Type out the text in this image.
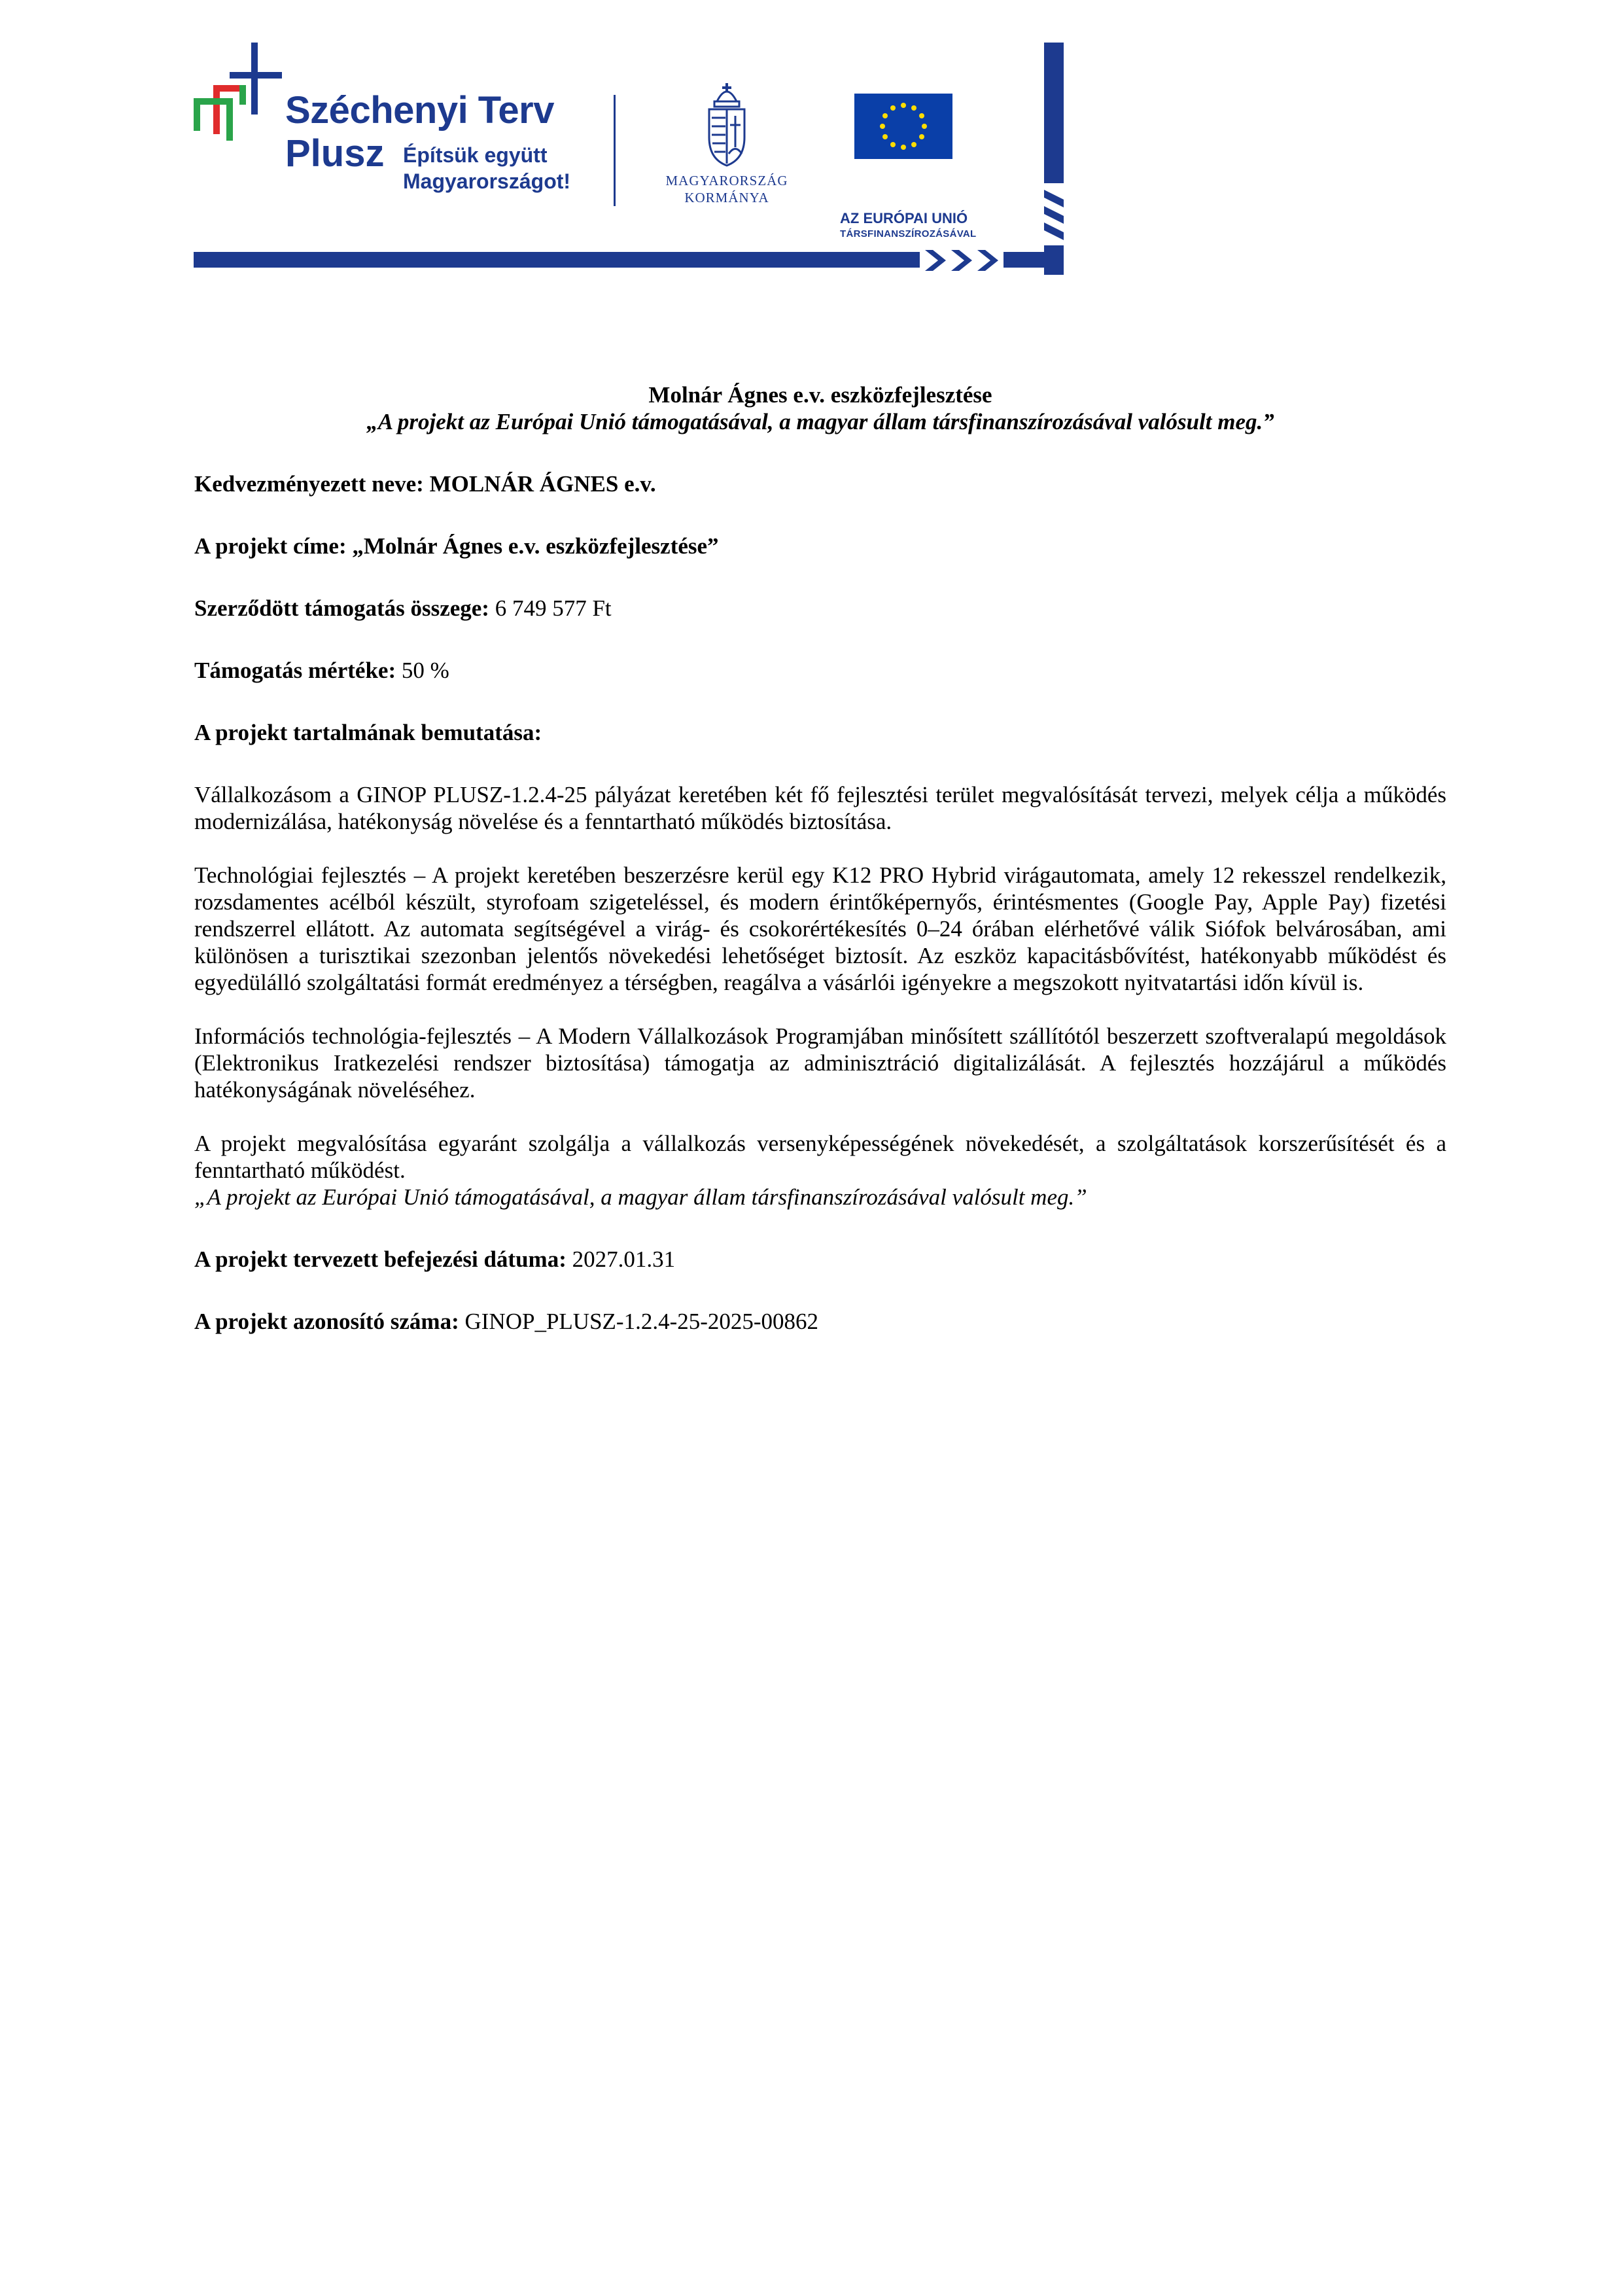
Széchenyi Terv
Plusz Építsük együtt
Magyarországot!	MAGYARORSZÁG
KORMÁNYA
AZ EURÓPAI UNIÓ
TÁRSFINANSZÍROZÁSÁVAL

Molnár Ágnes e.v. eszközfejlesztése

„A projekt az Európai Unió támogatásával, a magyar állam társfinanszírozásával valósult meg.”

Kedvezményezett neve: MOLNÁR ÁGNES e.v.

A projekt címe: „Molnár Ágnes e.v. eszközfejlesztése”

Szerződött támogatás összege: 6 749 577 Ft

Támogatás mértéke: 50 %

A projekt tartalmának bemutatása:

Vállalkozásom a GINOP PLUSZ-1.2.4-25 pályázat keretében két fő fejlesztési terület megvalósítását tervezi, melyek célja a működés modernizálása, hatékonyság növelése és a fenntartható működés biztosítása.

Technológiai fejlesztés – A projekt keretében beszerzésre kerül egy K12 PRO Hybrid virágautomata, amely 12 rekesszel rendelkezik, rozsdamentes acélból készült, styrofoam szigeteléssel, és modern érintőképernyős, érintésmentes (Google Pay, Apple Pay) fizetési rendszerrel ellátott. Az automata segítségével a virág- és csokorértékesítés 0–24 órában elérhetővé válik Siófok belvárosában, ami különösen a turisztikai szezonban jelentős növekedési lehetőséget biztosít. Az eszköz kapacitásbővítést, hatékonyabb működést és egyedülálló szolgáltatási formát eredményez a térségben, reagálva a vásárlói igényekre a megszokott nyitvatartási időn kívül is.

Információs technológia-fejlesztés – A Modern Vállalkozások Programjában minősített szállítótól beszerzett szoftveralapú megoldások (Elektronikus Iratkezelési rendszer biztosítása) támogatja az adminisztráció digitalizálását. A fejlesztés hozzájárul a működés hatékonyságának növeléséhez.

A projekt megvalósítása egyaránt szolgálja a vállalkozás versenyképességének növekedését, a szolgáltatások korszerűsítését és a fenntartható működést.

„A projekt az Európai Unió támogatásával, a magyar állam társfinanszírozásával valósult meg.”

A projekt tervezett befejezési dátuma: 2027.01.31

A projekt azonosító száma: GINOP_PLUSZ-1.2.4-25-2025-00862
